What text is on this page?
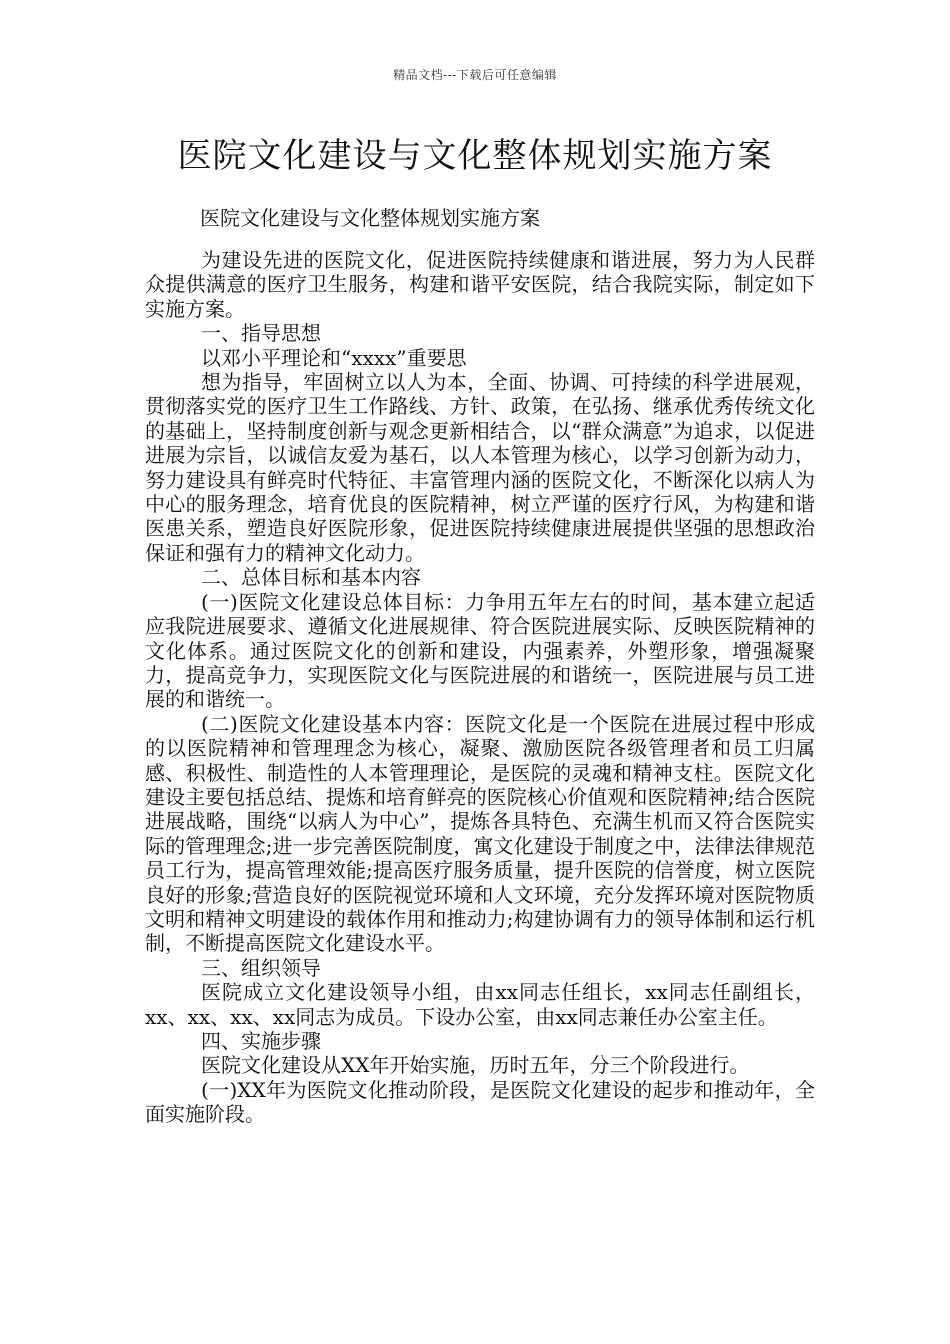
精品文档---下载后可任意编辑
医院文化建设与文化整体规划实施方案

医院文化建设与文化整体规划实施方案

为建设先进的医院文化，促进医院持续健康和谐进展，努力为人民群众提供满意的医疗卫生服务，构建和谐平安医院，结合我院实际，制定如下实施方案。

一、指导思想

以邓小平理论和“xxxx”重要思

想为指导，牢固树立以人为本，全面、协调、可持续的科学进展观，贯彻落实党的医疗卫生工作路线、方针、政策，在弘扬、继承优秀传统文化的基础上，坚持制度创新与观念更新相结合，以“群众满意”为追求，以促进进展为宗旨，以诚信友爱为基石，以人本管理为核心，以学习创新为动力，努力建设具有鲜亮时代特征、丰富管理内涵的医院文化，不断深化以病人为中心的服务理念，培育优良的医院精神，树立严谨的医疗行风，为构建和谐医患关系，塑造良好医院形象，促进医院持续健康进展提供坚强的思想政治保证和强有力的精神文化动力。

二、总体目标和基本内容

(一)医院文化建设总体目标：力争用五年左右的时间，基本建立起适应我院进展要求、遵循文化进展规律、符合医院进展实际、反映医院精神的文化体系。通过医院文化的创新和建设，内强素养，外塑形象，增强凝聚力，提高竞争力，实现医院文化与医院进展的和谐统一，医院进展与员工进展的和谐统一。

(二)医院文化建设基本内容：医院文化是一个医院在进展过程中形成的以医院精神和管理理念为核心，凝聚、激励医院各级管理者和员工归属感、积极性、制造性的人本管理理论，是医院的灵魂和精神支柱。医院文化建设主要包括总结、提炼和培育鲜亮的医院核心价值观和医院精神;结合医院进展战略，围绕“以病人为中心”，提炼各具特色、充满生机而又符合医院实际的管理理念;进一步完善医院制度，寓文化建设于制度之中，法律法律规范员工行为，提高管理效能;提高医疗服务质量，提升医院的信誉度，树立医院良好的形象;营造良好的医院视觉环境和人文环境，充分发挥环境对医院物质文明和精神文明建设的载体作用和推动力;构建协调有力的领导体制和运行机制，不断提高医院文化建设水平。

三、组织领导

医院成立文化建设领导小组，由xx同志任组长，xx同志任副组长，xx、xx、xx、xx同志为成员。下设办公室，由xx同志兼任办公室主任。

四、实施步骤

医院文化建设从XX年开始实施，历时五年，分三个阶段进行。

(一)XX年为医院文化推动阶段，是医院文化建设的起步和推动年，全面实施阶段。
